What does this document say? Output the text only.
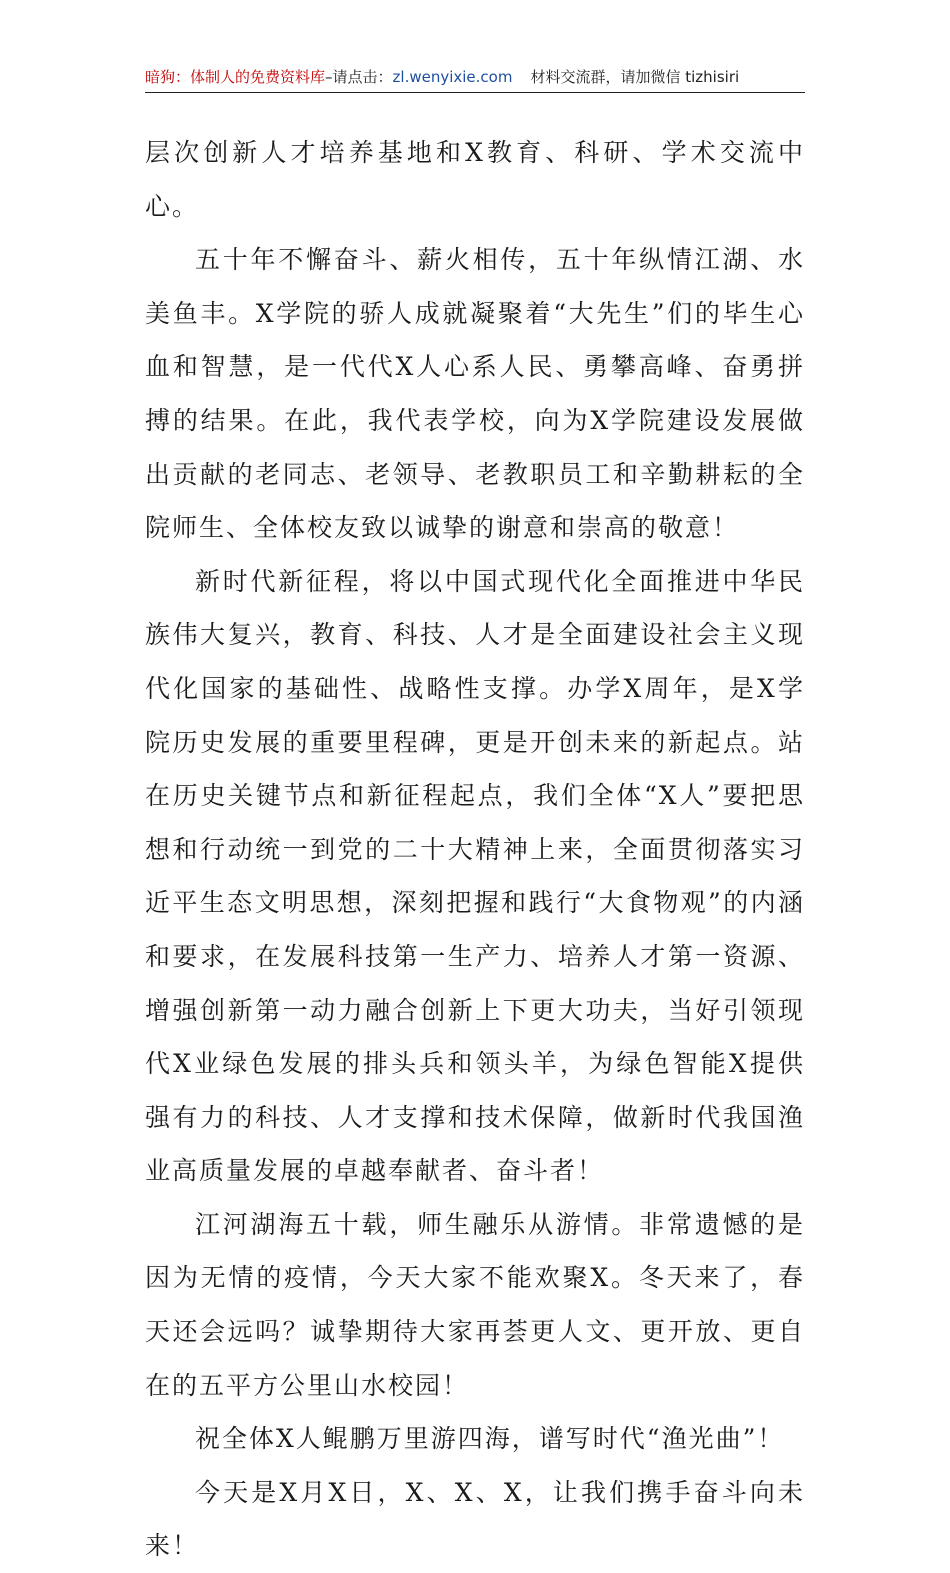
暗狗：体制人的免费资料库–请点击：zl.wenyixie.com 材料交流群，请加微信 tizhisiri

层次创新人才培养基地和X教育、科研、学术交流中心。

五十年不懈奋斗、薪火相传，五十年纵情江湖、水美鱼丰。X学院的骄人成就凝聚着“大先生”们的毕生心血和智慧，是一代代X人心系人民、勇攀高峰、奋勇拼搏的结果。在此，我代表学校，向为X学院建设发展做出贡献的老同志、老领导、老教职员工和辛勤耕耘的全院师生、全体校友致以诚挚的谢意和崇高的敬意！

新时代新征程，将以中国式现代化全面推进中华民族伟大复兴，教育、科技、人才是全面建设社会主义现代化国家的基础性、战略性支撑。办学X周年，是X学院历史发展的重要里程碑，更是开创未来的新起点。站在历史关键节点和新征程起点，我们全体“X人”要把思想和行动统一到党的二十大精神上来，全面贯彻落实习近平生态文明思想，深刻把握和践行“大食物观”的内涵和要求，在发展科技第一生产力、培养人才第一资源、增强创新第一动力融合创新上下更大功夫，当好引领现代X业绿色发展的排头兵和领头羊，为绿色智能X提供强有力的科技、人才支撑和技术保障，做新时代我国渔业高质量发展的卓越奉献者、奋斗者！

江河湖海五十载，师生融乐从游情。非常遗憾的是因为无情的疫情，今天大家不能欢聚X。冬天来了，春天还会远吗？诚挚期待大家再荟更人文、更开放、更自在的五平方公里山水校园！

祝全体X人鲲鹏万里游四海，谱写时代“渔光曲”！

今天是X月X日，X、X、X，让我们携手奋斗向未来！
